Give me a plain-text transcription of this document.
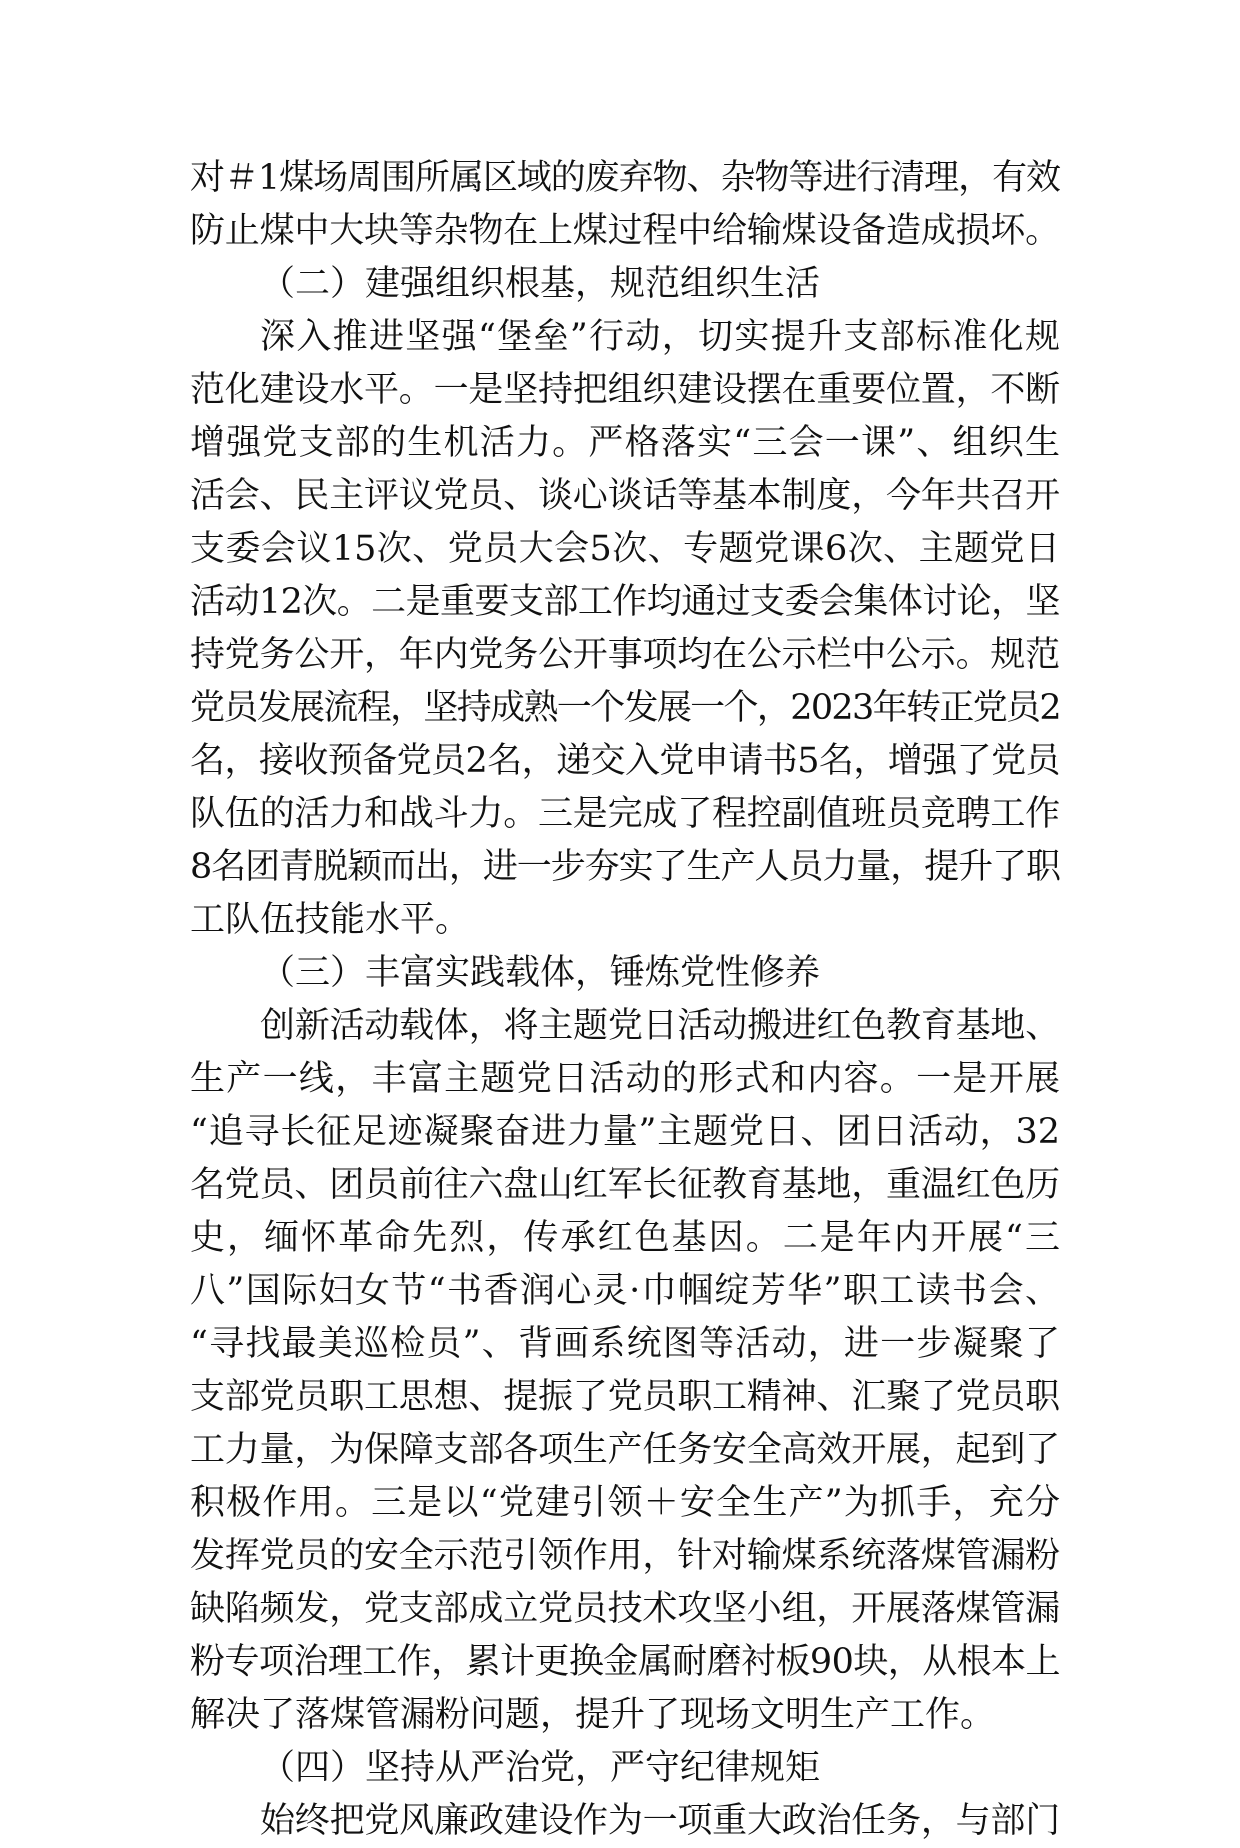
对＃1煤场周围所属区域的废弃物、杂物等进行清理，有效
防止煤中大块等杂物在上煤过程中给输煤设备造成损坏。
（二）建强组织根基，规范组织生活
深入推进坚强“堡垒”行动，切实提升支部标准化规
范化建设水平。一是坚持把组织建设摆在重要位置，不断
增强党支部的生机活力。严格落实“三会一课”、组织生
活会、民主评议党员、谈心谈话等基本制度，今年共召开
支委会议15次、党员大会5次、专题党课6次、主题党日
活动12次。二是重要支部工作均通过支委会集体讨论，坚
持党务公开，年内党务公开事项均在公示栏中公示。规范
党员发展流程，坚持成熟一个发展一个，2023年转正党员2
名，接收预备党员2名，递交入党申请书5名，增强了党员
队伍的活力和战斗力。三是完成了程控副值班员竞聘工作
8名团青脱颖而出，进一步夯实了生产人员力量，提升了职
工队伍技能水平。
（三）丰富实践载体，锤炼党性修养
创新活动载体，将主题党日活动搬进红色教育基地、
生产一线，丰富主题党日活动的形式和内容。一是开展
“追寻长征足迹凝聚奋进力量”主题党日、团日活动，32
名党员、团员前往六盘山红军长征教育基地，重温红色历
史，缅怀革命先烈，传承红色基因。二是年内开展“三
八”国际妇女节“书香润心灵·巾帼绽芳华”职工读书会、
“寻找最美巡检员”、背画系统图等活动，进一步凝聚了
支部党员职工思想、提振了党员职工精神、汇聚了党员职
工力量，为保障支部各项生产任务安全高效开展，起到了
积极作用。三是以“党建引领＋安全生产”为抓手，充分
发挥党员的安全示范引领作用，针对输煤系统落煤管漏粉
缺陷频发，党支部成立党员技术攻坚小组，开展落煤管漏
粉专项治理工作，累计更换金属耐磨衬板90块，从根本上
解决了落煤管漏粉问题，提升了现场文明生产工作。
（四）坚持从严治党，严守纪律规矩
始终把党风廉政建设作为一项重大政治任务，与部门
